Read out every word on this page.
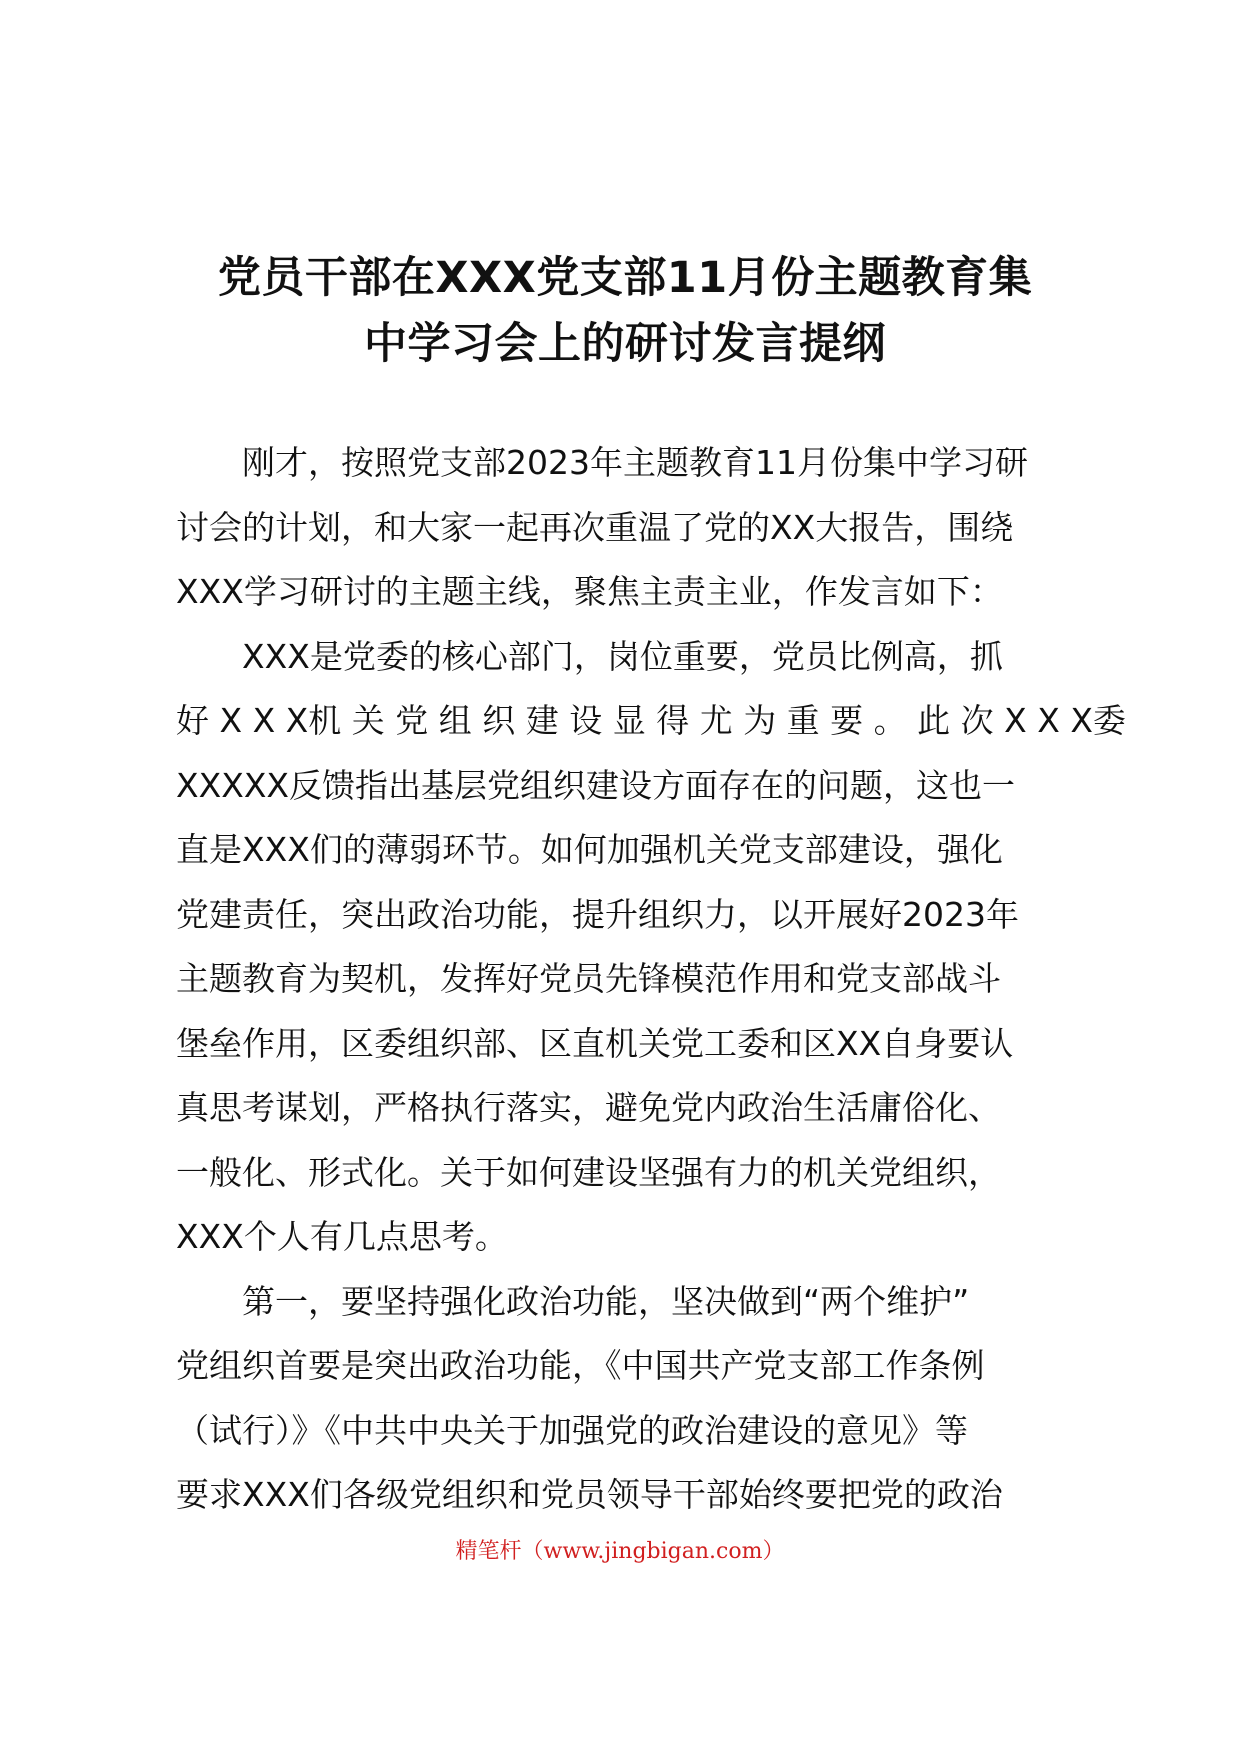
党员干部在XXX党支部11月份主题教育集
中学习会上的研讨发言提纲

刚才，按照党支部2023年主题教育11月份集中学习研

讨会的计划，和大家一起再次重温了党的XX大报告，围绕

XXX学习研讨的主题主线，聚焦主责主业，作发言如下：

XXX是党委的核心部门，岗位重要，党员比例高，抓

好 X X X机 关 党 组 织 建 设 显 得 尤 为 重 要 。 此 次 X X X委

XXXXX反馈指出基层党组织建设方面存在的问题，这也一

直是XXX们的薄弱环节。如何加强机关党支部建设，强化

党建责任，突出政治功能，提升组织力，以开展好2023年

主题教育为契机，发挥好党员先锋模范作用和党支部战斗

堡垒作用，区委组织部、区直机关党工委和区XX自身要认

真思考谋划，严格执行落实，避免党内政治生活庸俗化、

一般化、形式化。关于如何建设坚强有力的机关党组织，

XXX个人有几点思考。

第一，要坚持强化政治功能，坚决做到“两个维护”

党组织首要是突出政治功能，《中国共产党支部工作条例

（试行）》《中共中央关于加强党的政治建设的意见》等

要求XXX们各级党组织和党员领导干部始终要把党的政治

精笔杆（www.jingbigan.com）
